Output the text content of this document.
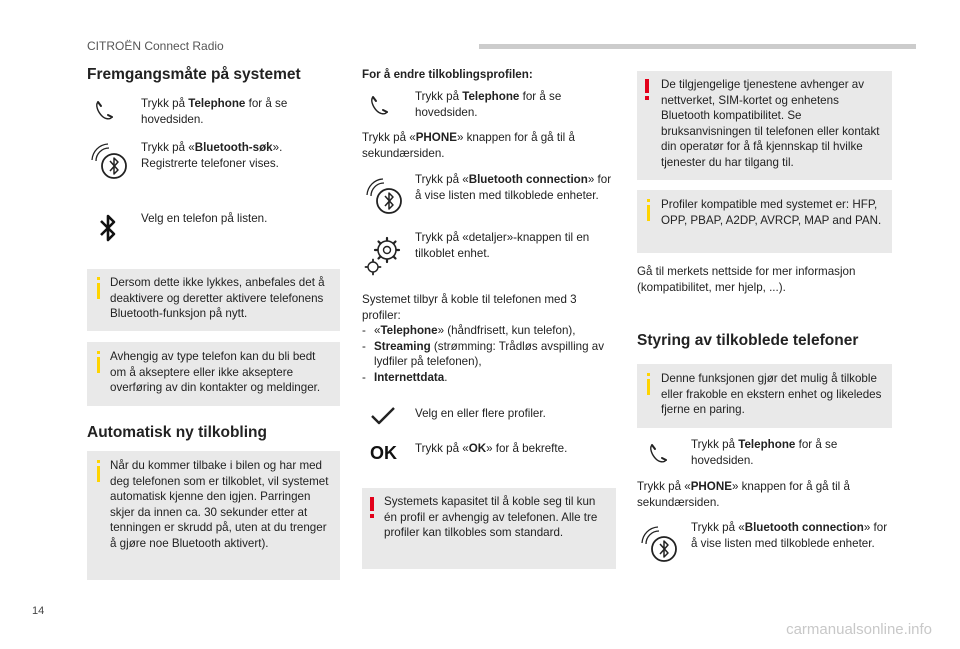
CITROËN Connect Radio
14
carmanualsonline.info
Fremgangsmåte på systemet
Trykk på Telephone for å se hovedsiden.
Trykk på «Bluetooth-søk». Registrerte telefoner vises.
Velg en telefon på listen.
Dersom dette ikke lykkes, anbefales det å deaktivere og deretter aktivere telefonens Bluetooth-funksjon på nytt.
Avhengig av type telefon kan du bli bedt om å akseptere eller ikke akseptere overføring av din kontakter og meldinger.
Automatisk ny tilkobling
Når du kommer tilbake i bilen og har med deg telefonen som er tilkoblet, vil systemet automatisk kjenne den igjen. Parringen skjer da innen ca. 30 sekunder etter at tenningen er skrudd på, uten at du trenger å gjøre noe Bluetooth aktivert).
For å endre tilkoblingsprofilen:
Trykk på Telephone for å se hovedsiden.
Trykk på «PHONE» knappen for å gå til å sekundærsiden.
Trykk på «Bluetooth connection» for å vise listen med tilkoblede enheter.
Trykk på «detaljer»-knappen til en tilkoblet enhet.
Systemet tilbyr å koble til telefonen med 3 profiler:
- «Telephone» (håndfrisett, kun telefon),
- Streaming (strømming: Trådløs avspilling av lydfiler på telefonen),
- Internettdata.
Velg en eller flere profiler.
OK Trykk på «OK» for å bekrefte.
Systemets kapasitet til å koble seg til kun én profil er avhengig av telefonen. Alle tre profiler kan tilkobles som standard.
De tilgjengelige tjenestene avhenger av nettverket, SIM-kortet og enhetens Bluetooth kompatibilitet. Se bruksanvisningen til telefonen eller kontakt din operatør for å få kjennskap til hvilke tjenester du har tilgang til.
Profiler kompatible med systemet er: HFP, OPP, PBAP, A2DP, AVRCP, MAP and PAN.
Gå til merkets nettside for mer informasjon (kompatibilitet, mer hjelp, ...).
Styring av tilkoblede telefoner
Denne funksjonen gjør det mulig å tilkoble eller frakoble en ekstern enhet og likeledes fjerne en paring.
Trykk på Telephone for å se hovedsiden.
Trykk på «PHONE» knappen for å gå til å sekundærsiden.
Trykk på «Bluetooth connection» for å vise listen med tilkoblede enheter.
